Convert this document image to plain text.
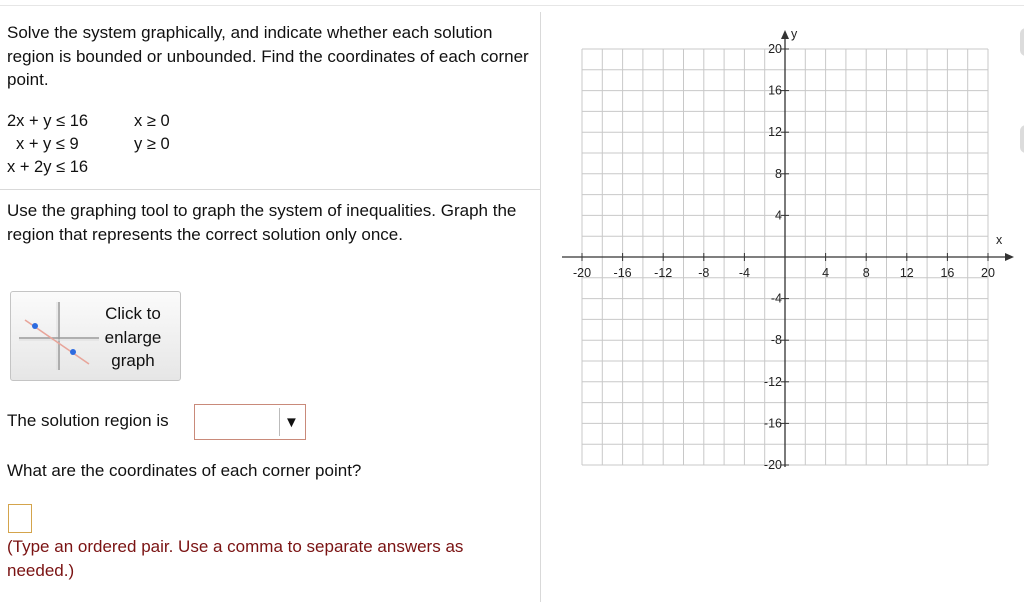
Solve the system graphically, and indicate whether each solution region is bounded or unbounded. Find the coordinates of each corner point.
2x + y ≤ 16
x + y ≤ 9
x + 2y ≤ 16
x ≥ 0
y ≥ 0
Use the graphing tool to graph the system of inequalities. Graph the region that represents the correct solution only once.
Click to enlarge graph
The solution region is	▼
What are the coordinates of each corner point?
(Type an ordered pair. Use a comma to separate answers as needed.)
x
y
-20 -16 -12 -8 -4	4	8 12 16 20
20
16
12
8
4
-4
-8
-12
-16
-20
